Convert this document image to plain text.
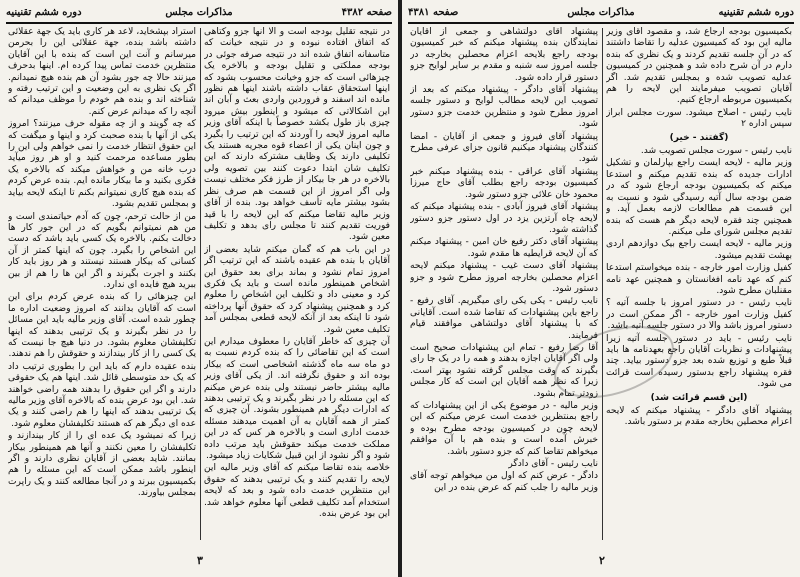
صفحه ۴۳۸۲
مذاکرات مجلس
دوره ششم تقنینیه

در نتیجه تقلیل بودجه است و الا آنها جزو وکتاهی که اتفاق افتاده نبوده و در نتیجه خیانت که متاسفانه اتفاق شده اند در نتیجه صرفه جوئی در بودجه مملکتی و تقلیل بودجه و بالاخره یک چیزهائی است که جزو وخیانت محسوب بشود که اینها استحقاق عقاب داشته باشند اینها هم نظور مانده اند اسفند و فروردین واردی بعث و آبان اند این اشکالاتی که میشود و اینطور بیش میرود چیزی باز طول بکشد خصوصاً با اینکه آقای وزیر مالیه امروز لایحه را آوردند که این ترتیب را بگیرد و چون اینان یکی از اعضاء قوه مجریه هستند یک تکلیفی دارند یک وظایف مشترکه دارند که این تکلیف شان ابتدا دعوت کنند بین تصویه ولی بالاخره در هر جا بیکار از طرز فکر مختلف نیست ولی اگر امروز از این قسمت هم صرف نظر بشود بیشتر مایه تأسف خواهد بود. بنده از آقای وزیر مالیه تقاضا میکنم که این لایحه را با قید فوریت تقدیم کنند تا مجلس رای بدهد و تکلیف معین شود.

در این باب هم که گمان میکنم شاید بعضی از آقایان با بنده هم عقیده باشند که این ترتیب اگر امروز تمام نشود و بماند برای بعد حقوق این اشخاص همینطور مانده است و باید یک فکری کرد و معینی داد و تکلیف این اشخاص را معلوم کرد و همچنین پیشنهاد کرد که حقوق آنها پرداخته شود تا اینکه بعد از آنکه لایحه قطعی بمجلس آمد تکلیف معین شود.

آن چیزی که خاطر آقایان را معطوف میدارم این است که این تقاضائی را که بنده کردم نسبت به دو ماه سه ماه گذشته اشخاصی است که بیکار بوده اند و حقوق نگرفته اند. از یکی آقای وزیر مالیه بیشتر حاضر نیستند ولی بنده عرض میکنم که این مسئله را در نظر بگیرند و یک ترتیبی بدهند که ادارات دیگر هم همینطور بشوند. آن چیزی که کمتر از همه آقایان به آن اهمیت میدهند مسئله خدمت اداری است و بالاخره هر کس که در این مملکت خدمت میکند حقوقش باید مرتب داده شود و اگر نشود از این قبیل شکایات زیاد میشود.

خلاصه بنده تقاضا میکنم که آقای وزیر مالیه این لایحه را تقدیم کنند و یک ترتیبی بدهند که حقوق این منتظرین خدمت داده شود و بعد که لایحه استخدام آمد تکلیف قطعی آنها معلوم خواهد شد. این بود عرض بنده.

استراد بپشخاید، لاعد هر کاری باید یک جهة عقلائی داشته باشد بنده، جهة عقلائی این را بحرمن میرسانم و آنت این است که بنده با این آقایان منتظرین خدمت تماس پیدا کرده ام. اینها بدحرف میزنند حالا چه جور بشود آن هم بنده هیچ نمیدانم. اگر یک نظری به این وضعیت و این ترتیب رفته و شناخته اند و بنده هم خودم را موظف میدانم که آنچه را که میدانم عرض کنم.

که چه گویند و از چه مقوله حرف میزنند؟ امروز یکی از آنها با بنده صحبت کرد و اینها و میگفت که این حقوق انتظار خدمت را نمی خواهم ولی این را بطور مساعده مرحمت کنید و او هر روز میآید درب خانه من و خواهش میکند که بالاخره یک فکری بکنید و ما بیکار مانده ایم. بنده عرض کردم که بنده هیچ کاری نمیتوانم بکنم تا اینکه لایحه بیاید و بمجلس تقدیم بشود.

من از حالت ترحم، چون که آدم حیاتمندی است و من هم نمیتوانم بگویم که در این جور کار ها دخالت بکنم. بالاخره یک کسی باید باشد که دست این اشخاص را بگیرد. چون که اینها کمتر از آن کسانی که بیکار هستند نیستند و هر روز باید کار بکنند و اجرت بگیرند و اگر این ها را هم از بین ببرید هیچ فایده ای ندارد.

این چیزهائی را که بنده عرض کردم برای این است که آقایان بدانند که امروز وضعیت اداره ما چطور شده است. آقای وزیر مالیه باید این مسائل را در نظر بگیرند و یک ترتیبی بدهند که اینها تکلیفشان معلوم بشود. در دنیا هیچ جا نیست که یک کسی را از کار بیندازند و حقوقش را هم ندهند.

بنده عقیده دارم که باید این را بطوری ترتیب داد که یک حد متوسطی قائل شد. اینها هم یک حقوقی دارند و اگر این حقوق را بدهند همه راضی خواهند شد. این بود عرض بنده که بالاخره آقای وزیر مالیه یک ترتیبی بدهند که اینها را هم راضی کنند و یک عده ای دیگر هم که هستند تکلیفشان معلوم شود.

زیرا که نمیشود یک عده ای را از کار بیندازند و تکلیفشان را معین نکنند و آنها هم همینطور بیکار بمانند. شاید بعضی از آقایان نظری دارند و اگر اینطور باشد ممکن است که این مسئله را هم بکمیسیون ببرند و در آنجا مطالعه کنند و یک راپرت بمجلس بیاورند.

۳
دوره ششم تقنینیه
مذاکرات مجلس
صفحه ۴۳۸۱

بکمیسیون بودجه ارجاع شد، و مقصود آقای وزیر مالیه این بود که کمیسیون عدلیه را تقاضا داشتند که در آن جلسه تقدیم کردند و یک نظری که بنده دارم در آن شرح داده شد و همچنین در کمیسیون عدلیه تصویب شده و بمجلس تقدیم شد. اگر آقایان تصویب میفرمایند این لایحه را هم بکمیسیون مربوطه ارجاع کنیم.

نایب رئیس - اصلاح میشود. سورت مجلس ابراز سپس اداره ۲

(گفتند - خیر)

نایب رئیس - سورت مجلس تصویب شد.

وزیر مالیه - لایحه ایست راجع بپارلمان و تشکیل ادارات جدیده که بنده تقدیم میکنم و استدعا میکنم که بکمیسیون بودجه ارجاع شود که در ضمن بودجه سال آتیه رسیدگی شود و نسبت به این قسمت هم مطالعات لازمه بعمل آید. و همچنین چند فقره لایحه دیگر هم هست که بنده تقدیم مجلس شورای ملی میکنم.

وزیر مالیه - لایحه ایست راجع بیک دوازدهم اردی بهشت تقدیم میشود.

کفیل وزارت امور خارجه - بنده میخواستم استدعا کنم که عهد نامه افغانستان و همچنین عهد نامه مقنلبان مطرح شود.

نایب رئیس - در دستور امروز با جلسه آتیه ؟ کفیل وزارت امور خارجه - اگر ممکن است در دستور امروز باشد والا در دستور جلسه آتیه باشد.

نایب رئیس - باید در دستور جلسه آتیه زیرا پیشنهادات و نظریات آقایان راجع بعهدنامه ها باید قبلاً طبع و توزیع شده بعد جزو دستور بیاید. چند فقره پیشنهاد راجع بدستور رسیده است قرائت می شود.

(این قسم قرائت شد)

پیشنهاد آقای دادگر - پیشنهاد میکنم که لایحه اعزام محصلین بخارجه مقدم بر دستور باشد.

پیشنهاد آقای دولتشاهی و جمعی از آقایان نمایندگان بنده پیشنهاد میکنم که خبر کمیسیون بودجه راجع بلایحه اعزام محصلین بخارجه در جلسه امروز سه شنبه و مقدم بر سایر لوایح جزو دستور قرار داده شود.

پیشنهاد آقای دادگر - پیشنهاد میکنم که بعد از تصویب این لایحه مطالب لوایح و دستور جلسه امروز مطرح شود و منتظرین خدمت جزو دستور شود.

پیشنهاد آقای فیروز و جمعی از آقایان - امضا کنندگان پیشنهاد میکنیم قانون جزای عرفی مطرح شود.

پیشنهاد آقای عراقی - بنده پیشنهاد میکنم خبر کمیسیون بودجه راجع بطلب آقای حاج میرزا محمود خان علائی جزو دستور شود.

پیشنهاد آقای فیروز آبادی - بنده پیشنهاد میکنم که لایحه چاه آرتزین یزد در اول دستور جزو دستور گذاشته شود.

پیشنهاد آقای دکتر رفیع خان امین - پیشنهاد میکنم که آن لایحه قرایطیه ها مقدم شود.

پیشنهاد آقای دست غیب - پیشنهاد میکنم لایحه اعزام محصلین بخارجه امروز مطرح شود و جزو دستور شود.

نایب رئیس - یکی یکی رای میگیریم. آقای رفیع - راجع باین پیشنهادات که تقاضا شده است. آقایانی که با پیشنهاد آقای دولتشاهی موافقند قیام فرمایند.

آقا رضا رفیع - تمام این پیشنهادات صحیح است ولی اگر آقایان اجازه بدهند و همه را در یک جا رای بگیرند که وقت مجلس گرفته نشود بهتر است. زیرا که نظر همه آقایان این است که کار مجلس زودتر تمام بشود.

وزیر مالیه - در موضوع یکی از این پیشنهادات که راجع بمنتظرین خدمت است عرض میکنم که این لایحه چون در کمیسیون بودجه مطرح بوده و خبرش آمده است و بنده هم با آن موافقم میخواهم تقاضا کنم که جزو دستور باشد.

نایب رئیس - آقای دادگر

دادگر - عرض کنم که اول من میخواهم توجه آقای وزیر مالیه را جلب کنم که عرض بنده در این

۲
